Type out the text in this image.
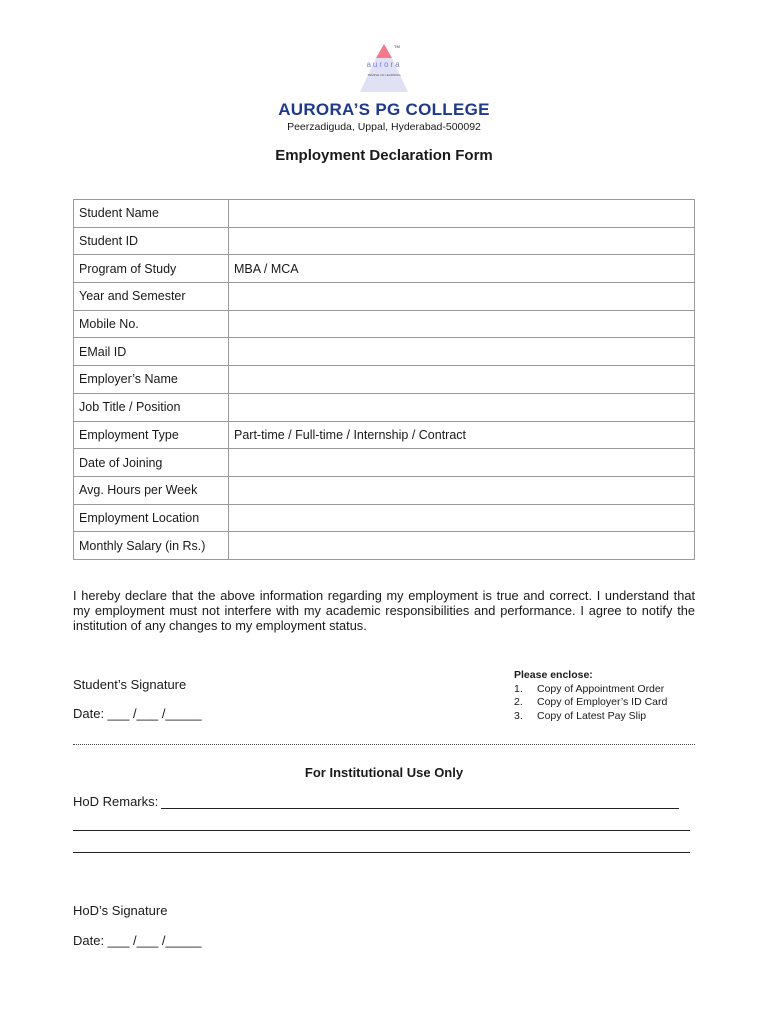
TM
aurora
TEMPLE OF LEARNING
AURORA’S PG COLLEGE
Peerzadiguda, Uppal, Hyderabad-500092
Employment Declaration Form
Student Name	
Student ID	
Program of Study	MBA / MCA
Year and Semester	
Mobile No.	
EMail ID	
Employer’s Name	
Job Title / Position	
Employment Type	Part-time / Full-time / Internship / Contract
Date of Joining	
Avg. Hours per Week	
Employment Location	
Monthly Salary (in Rs.)	
I hereby declare that the above information regarding my employment is true and correct. I understand that my employment must not interfere with my academic responsibilities and performance. I agree to notify the institution of any changes to my employment status.
Student’s Signature
Date: ___ /___ /_____
Please enclose:
1.	Copy of Appointment Order
2.	Copy of Employer’s ID Card
3.	Copy of Latest Pay Slip
For Institutional Use Only
HoD Remarks:
HoD’s Signature
Date: ___ /___ /_____
